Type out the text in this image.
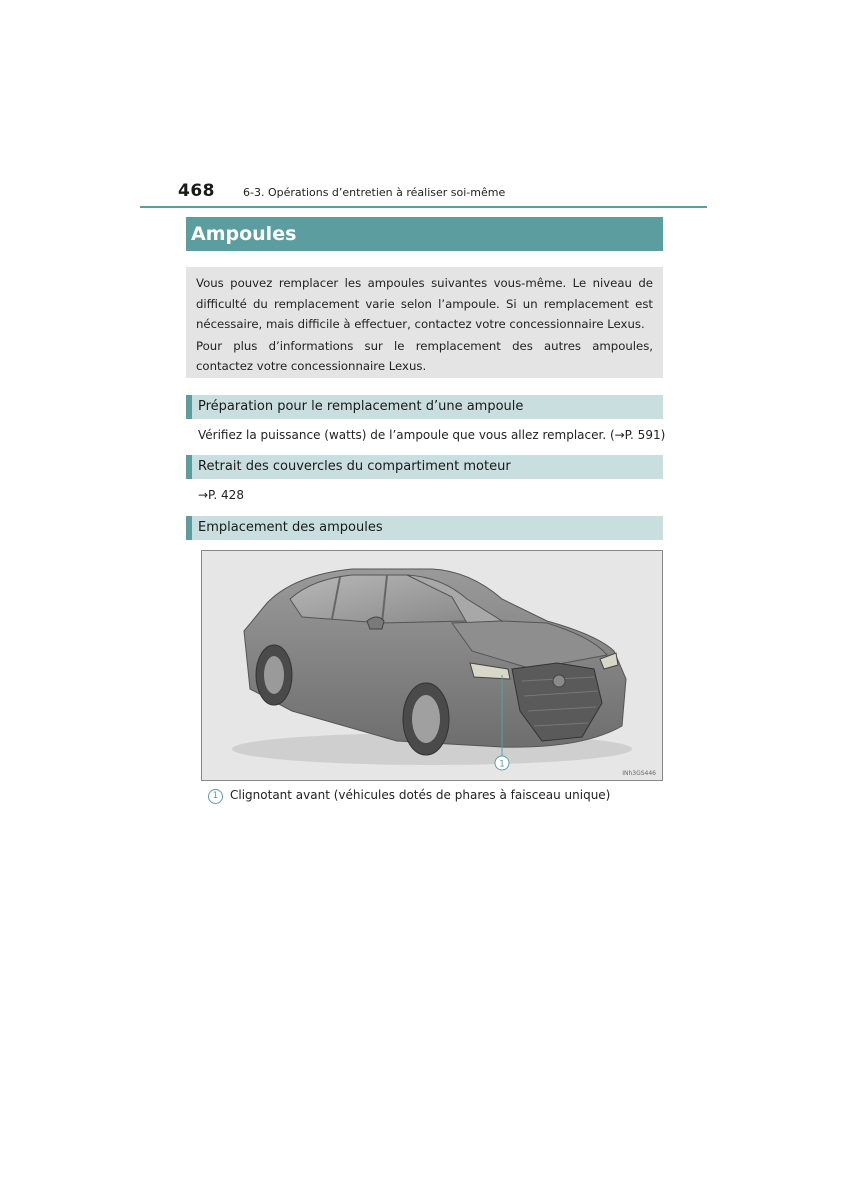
468	6-3. Opérations d’entretien à réaliser soi-même
Ampoules

Vous pouvez remplacer les ampoules suivantes vous-même. Le niveau de difficulté du remplacement varie selon l’ampoule. Si un remplacement est nécessaire, mais difficile à effectuer, contactez votre concessionnaire Lexus.

Pour plus d’informations sur le remplacement des autres ampoules, contactez votre concessionnaire Lexus.

Préparation pour le remplacement d’une ampoule
Vérifiez la puissance (watts) de l’ampoule que vous allez remplacer. (→P. 591)
Retrait des couvercles du compartiment moteur
→P. 428
Emplacement des ampoules
1
INh3GS446
1 Clignotant avant (véhicules dotés de phares à faisceau unique)
